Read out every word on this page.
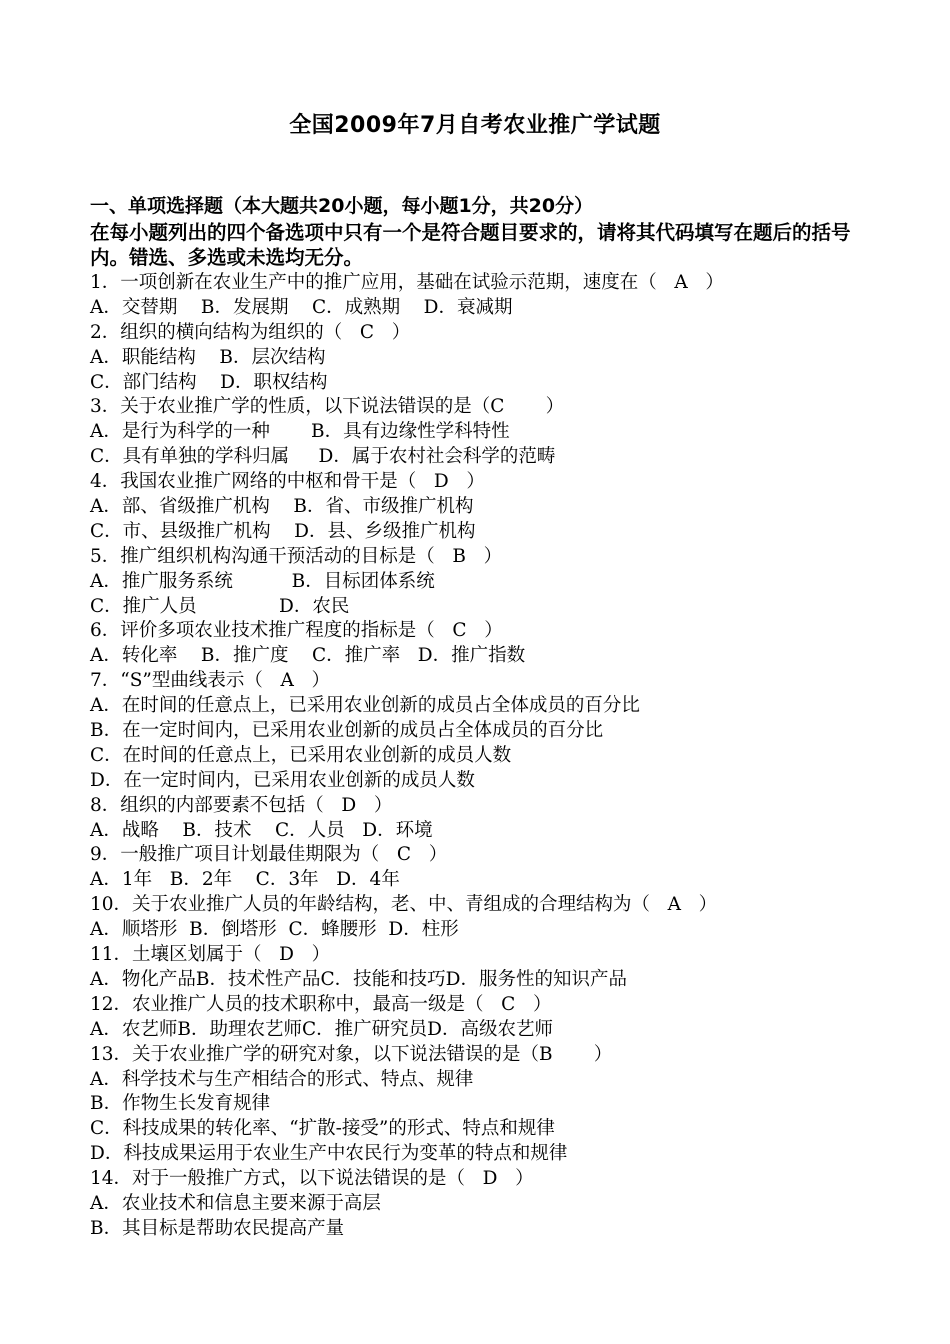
全国2009年7月自考农业推广学试题
一、单项选择题（本大题共20小题，每小题1分，共20分）
在每小题列出的四个备选项中只有一个是符合题目要求的，请将其代码填写在题后的括号内。错选、多选或未选均无分。
1．一项创新在农业生产中的推广应用，基础在试验示范期，速度在（   A   ）
A．交替期    B．发展期    C．成熟期    D．衰减期
2．组织的横向结构为组织的（   C   ）
A．职能结构    B．层次结构
C．部门结构    D．职权结构
3．关于农业推广学的性质，以下说法错误的是（C       ）
A．是行为科学的一种       B．具有边缘性学科特性
C．具有单独的学科归属     D．属于农村社会科学的范畴
4．我国农业推广网络的中枢和骨干是（   D   ）
A．部、省级推广机构    B．省、市级推广机构
C．市、县级推广机构    D．县、乡级推广机构
5．推广组织机构沟通干预活动的目标是（   B   ）
A．推广服务系统          B．目标团体系统
C．推广人员              D．农民
6．评价多项农业技术推广程度的指标是（   C   ）
A．转化率    B．推广度    C．推广率   D．推广指数
7．“S”型曲线表示（   A   ）
A．在时间的任意点上，已采用农业创新的成员占全体成员的百分比
B．在一定时间内，已采用农业创新的成员占全体成员的百分比
C．在时间的任意点上，已采用农业创新的成员人数
D．在一定时间内，已采用农业创新的成员人数
8．组织的内部要素不包括（   D   ）
A．战略    B．技术    C．人员   D．环境
9．一般推广项目计划最佳期限为（   C   ）
A．1年   B．2年    C．3年   D．4年
10．关于农业推广人员的年龄结构，老、中、青组成的合理结构为（   A   ）
A．顺塔形  B．倒塔形  C．蜂腰形  D．柱形
11．土壤区划属于（   D   ）
A．物化产品B．技术性产品C．技能和技巧D．服务性的知识产品
12．农业推广人员的技术职称中，最高一级是（   C   ）
A．农艺师B．助理农艺师C．推广研究员D．高级农艺师
13．关于农业推广学的研究对象，以下说法错误的是（B       ）
A．科学技术与生产相结合的形式、特点、规律
B．作物生长发育规律
C．科技成果的转化率、“扩散-接受”的形式、特点和规律
D．科技成果运用于农业生产中农民行为变革的特点和规律
14．对于一般推广方式，以下说法错误的是（   D   ）
A．农业技术和信息主要来源于高层
B．其目标是帮助农民提高产量
